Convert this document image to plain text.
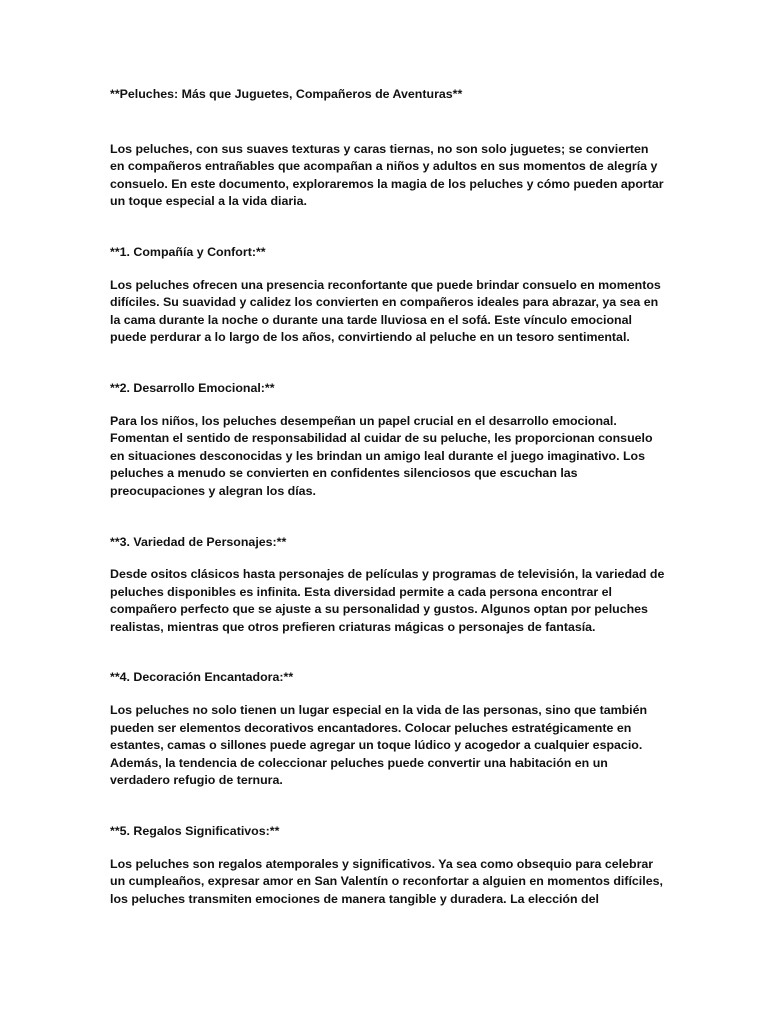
**Peluches: Más que Juguetes, Compañeros de Aventuras**

Los peluches, con sus suaves texturas y caras tiernas, no son solo juguetes; se convierten en compañeros entrañables que acompañan a niños y adultos en sus momentos de alegría y consuelo. En este documento, exploraremos la magia de los peluches y cómo pueden aportar un toque especial a la vida diaria.

**1. Compañía y Confort:**

Los peluches ofrecen una presencia reconfortante que puede brindar consuelo en momentos difíciles. Su suavidad y calidez los convierten en compañeros ideales para abrazar, ya sea en la cama durante la noche o durante una tarde lluviosa en el sofá. Este vínculo emocional puede perdurar a lo largo de los años, convirtiendo al peluche en un tesoro sentimental.

**2. Desarrollo Emocional:**

Para los niños, los peluches desempeñan un papel crucial en el desarrollo emocional. Fomentan el sentido de responsabilidad al cuidar de su peluche, les proporcionan consuelo en situaciones desconocidas y les brindan un amigo leal durante el juego imaginativo. Los peluches a menudo se convierten en confidentes silenciosos que escuchan las preocupaciones y alegran los días.

**3. Variedad de Personajes:**

Desde ositos clásicos hasta personajes de películas y programas de televisión, la variedad de peluches disponibles es infinita. Esta diversidad permite a cada persona encontrar el compañero perfecto que se ajuste a su personalidad y gustos. Algunos optan por peluches realistas, mientras que otros prefieren criaturas mágicas o personajes de fantasía.

**4. Decoración Encantadora:**

Los peluches no solo tienen un lugar especial en la vida de las personas, sino que también pueden ser elementos decorativos encantadores. Colocar peluches estratégicamente en estantes, camas o sillones puede agregar un toque lúdico y acogedor a cualquier espacio. Además, la tendencia de coleccionar peluches puede convertir una habitación en un verdadero refugio de ternura.

**5. Regalos Significativos:**

Los peluches son regalos atemporales y significativos. Ya sea como obsequio para celebrar un cumpleaños, expresar amor en San Valentín o reconfortar a alguien en momentos difíciles, los peluches transmiten emociones de manera tangible y duradera. La elección del
